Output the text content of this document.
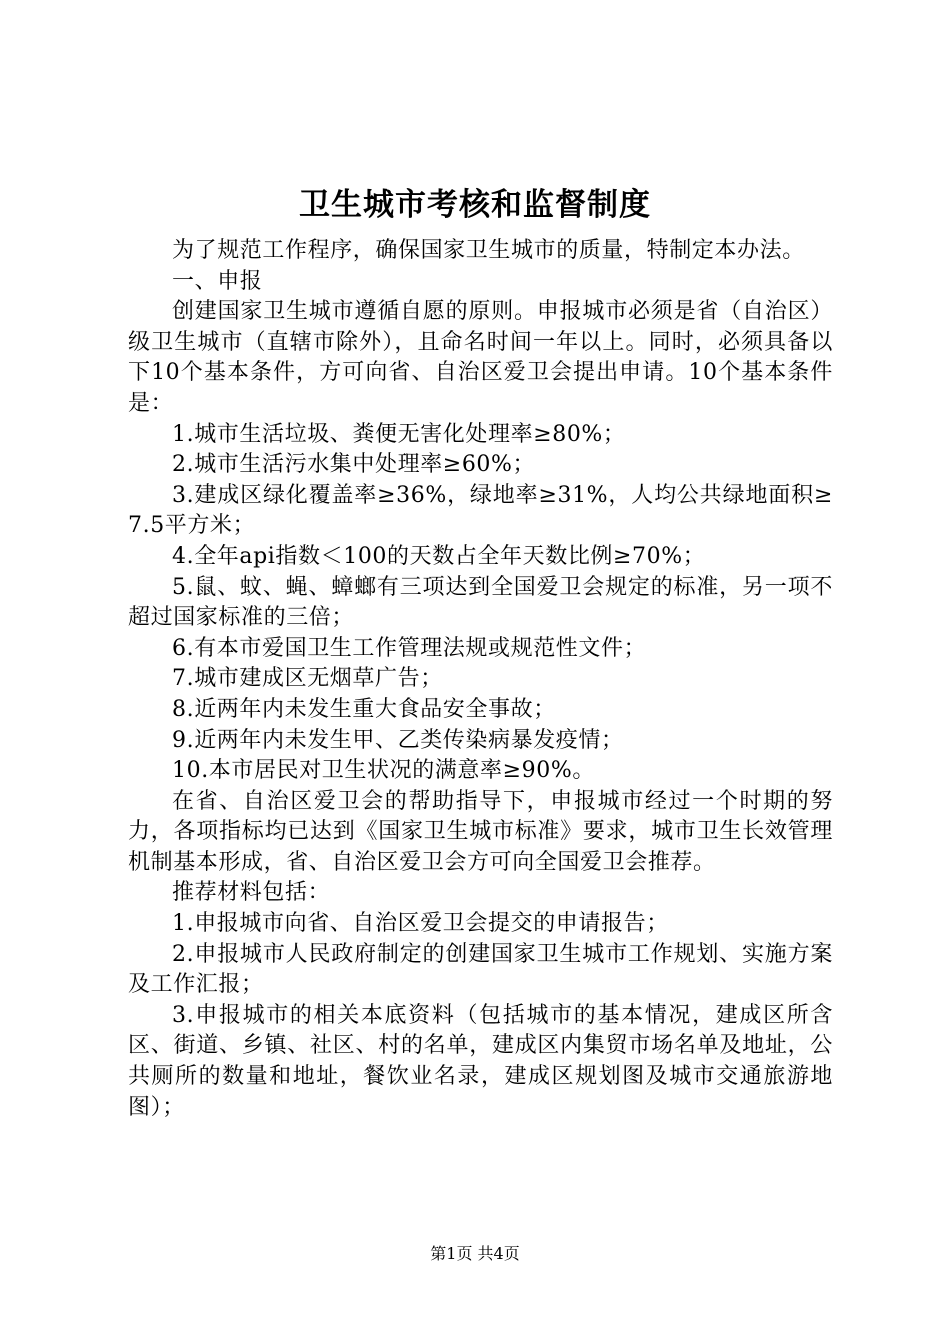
卫生城市考核和监督制度

为了规范工作程序，确保国家卫生城市的质量，特制定本办法。

一、申报

创建国家卫生城市遵循自愿的原则。申报城市必须是省（自治区）级卫生城市（直辖市除外），且命名时间一年以上。同时，必须具备以下10个基本条件，方可向省、自治区爱卫会提出申请。10个基本条件是：

1.城市生活垃圾、粪便无害化处理率≥80%；

2.城市生活污水集中处理率≥60%；

3.建成区绿化覆盖率≥36%，绿地率≥31%，人均公共绿地面积≥7.5平方米；

4.全年api指数＜100的天数占全年天数比例≥70%；

5.鼠、蚊、蝇、蟑螂有三项达到全国爱卫会规定的标准，另一项不超过国家标准的三倍；

6.有本市爱国卫生工作管理法规或规范性文件；

7.城市建成区无烟草广告；

8.近两年内未发生重大食品安全事故；

9.近两年内未发生甲、乙类传染病暴发疫情；

10.本市居民对卫生状况的满意率≥90%。

在省、自治区爱卫会的帮助指导下，申报城市经过一个时期的努力，各项指标均已达到《国家卫生城市标准》要求，城市卫生长效管理机制基本形成，省、自治区爱卫会方可向全国爱卫会推荐。

推荐材料包括：

1.申报城市向省、自治区爱卫会提交的申请报告；

2.申报城市人民政府制定的创建国家卫生城市工作规划、实施方案及工作汇报；

3.申报城市的相关本底资料（包括城市的基本情况，建成区所含区、街道、乡镇、社区、村的名单，建成区内集贸市场名单及地址，公共厕所的数量和地址，餐饮业名录，建成区规划图及城市交通旅游地图）；

第1页 共4页
